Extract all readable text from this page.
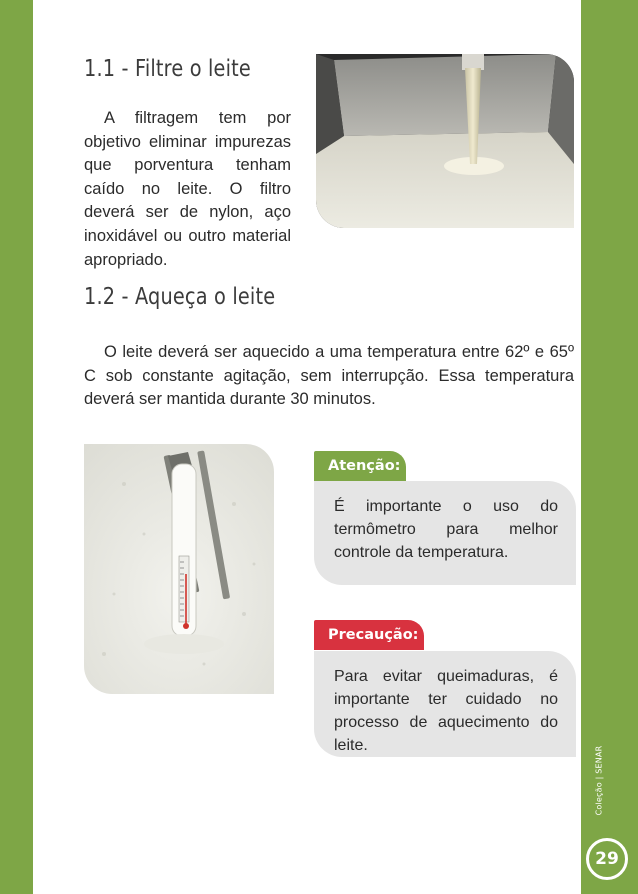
1.1 - Filtre o leite

A filtragem tem por objetivo eliminar impurezas que porventura tenham caído no leite. O filtro deverá ser de nylon, aço inoxidável ou outro material apropriado.

1.2 - Aqueça o leite

O leite deverá ser aquecido a uma temperatura entre 62º e 65º C sob constante agitação, sem interrupção. Essa temperatura deverá ser mantida durante 30 minutos.

Atenção:
É importante o uso do termômetro para melhor controle da temperatura.
Precaução:
Para evitar queimaduras, é importante ter cuidado no processo de aquecimento do leite.	Coleção | SENAR
29
